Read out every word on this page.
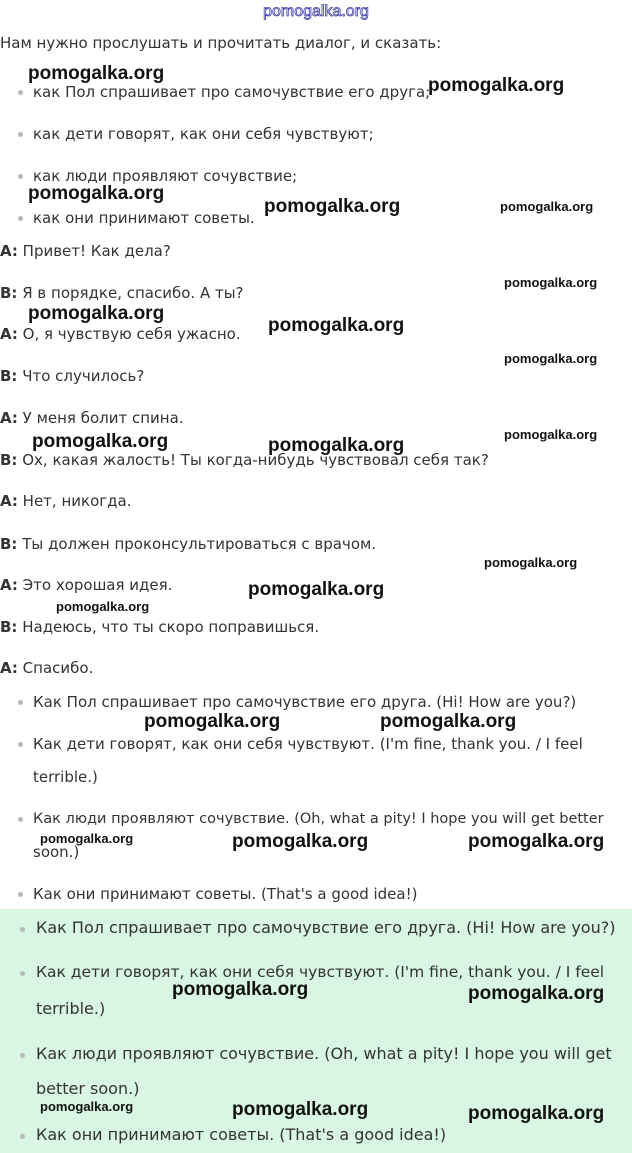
pomogalka.org
Нам нужно прослушать и прочитать диалог, и сказать:
как Пол спрашивает про самочувствие его друга;
как дети говорят, как они себя чувствуют;
как люди проявляют сочувствие;
как они принимают советы.
A: Привет! Как дела?
B: Я в порядке, спасибо. А ты?
A: О, я чувствую себя ужасно.
B: Что случилось?
A: У меня болит спина.
B: Ох, какая жалость! Ты когда-нибудь чувствовал себя так?
A: Нет, никогда.
B: Ты должен проконсультироваться с врачом.
A: Это хорошая идея.
B: Надеюсь, что ты скоро поправишься.
A: Спасибо.
Как Пол спрашивает про самочувствие его друга. (Hi! How are you?)
Как дети говорят, как они себя чувствуют. (I'm fine, thank you. / I feel
terrible.)
Как люди проявляют сочувствие. (Oh, what a pity! I hope you will get better
soon.)
Как они принимают советы. (That's a good idea!)
Как Пол спрашивает про самочувствие его друга. (Hi! How are you?)
Как дети говорят, как они себя чувствуют. (I'm fine, thank you. / I feel
terrible.)
Как люди проявляют сочувствие. (Oh, what a pity! I hope you will get
better soon.)
Как они принимают советы. (That's a good idea!)
pomogalka.org
pomogalka.org
pomogalka.org
pomogalka.org	pomogalka.org
pomogalka.org
pomogalka.org
pomogalka.org
pomogalka.org
pomogalka.org
pomogalka.org	pomogalka.org
pomogalka.org
pomogalka.org
pomogalka.org
pomogalka.org	pomogalka.org
pomogalka.org	pomogalka.org	pomogalka.org
pomogalka.org	pomogalka.org
pomogalka.org	pomogalka.org	pomogalka.org
